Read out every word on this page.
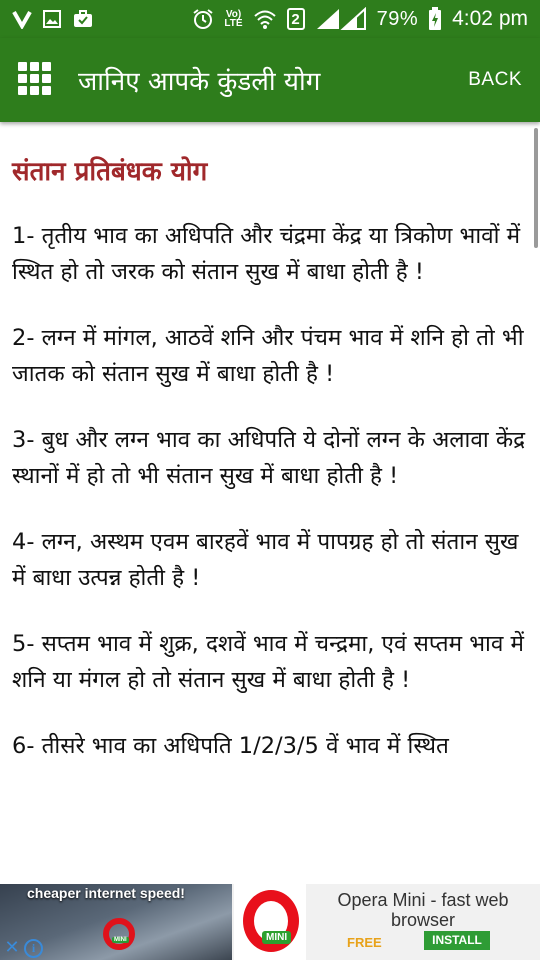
Vo)
LTE	2	79% 4:02 pm
जानिए आपके कुंडली योग	BACK
संतान प्रतिबंधक योग

1- तृतीय भाव का अधिपति और चंद्रमा केंद्र या त्रिकोण भावों में स्थित हो तो जरक को संतान सुख में बाधा होती है !

2- लग्न में मांगल, आठवें शनि और पंचम भाव में शनि हो तो भी जातक को संतान सुख में बाधा होती है !

3- बुध और लग्न भाव का अधिपति ये दोनों लग्न के अलावा केंद्र स्थानों में हो तो भी संतान सुख में बाधा होती है !

4- लग्न, अस्थम एवम बारहवें भाव में पापग्रह हो तो संतान सुख में बाधा उत्पन्न होती है !

5- सप्तम भाव में शुक्र, दशवें भाव में चन्द्रमा, एवं सप्तम भाव में शनि या मंगल हो तो संतान सुख में बाधा होती है !

6- तीसरे भाव का अधिपति 1/2/3/5 वें भाव में स्थित

cheaper internet speed!
MINI
✕	i
MINI
Opera Mini - fast web browser
FREE	INSTALL
